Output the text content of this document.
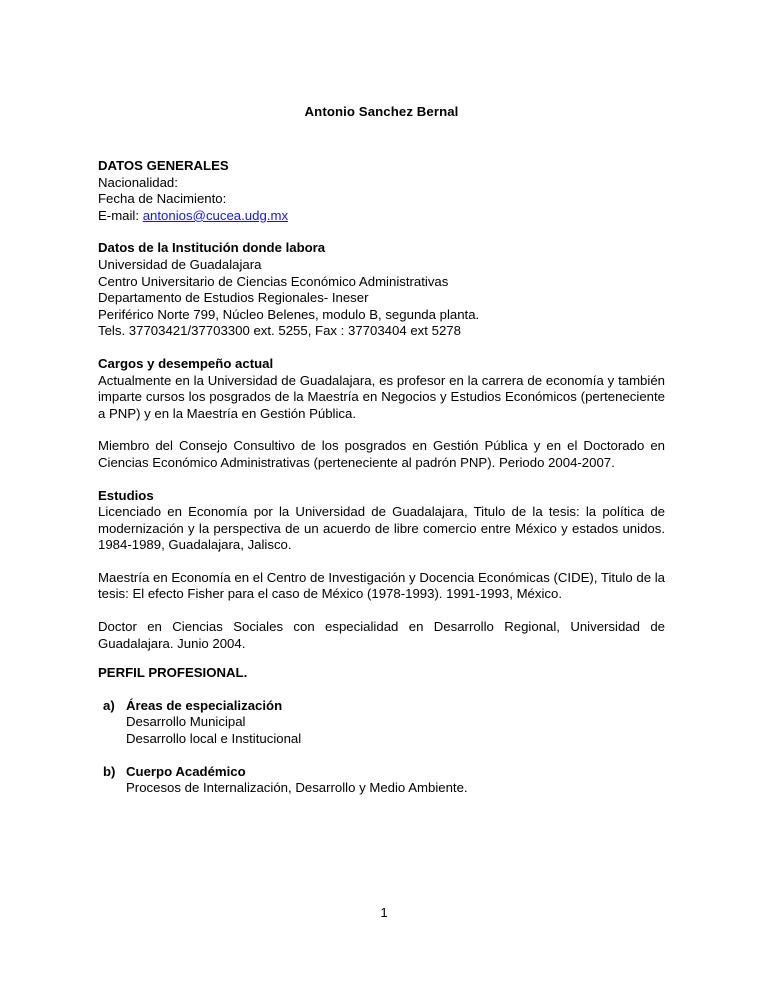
Antonio Sanchez Bernal
DATOS GENERALES
Nacionalidad:
Fecha de Nacimiento:
E-mail: antonios@cucea.udg.mx
Datos de la Institución donde labora
Universidad de Guadalajara
Centro Universitario de Ciencias Económico Administrativas
Departamento de Estudios Regionales- Ineser
Periférico Norte 799, Núcleo Belenes, modulo B, segunda planta.
Tels. 37703421/37703300 ext. 5255, Fax : 37703404 ext 5278
Cargos y desempeño actual
Actualmente en la Universidad de Guadalajara, es profesor en la carrera de economía y también imparte cursos los posgrados de la Maestría en Negocios y Estudios Económicos (perteneciente a PNP) y en la Maestría en Gestión Pública.
Miembro del Consejo Consultivo de los posgrados en Gestión Pública y en el Doctorado en Ciencias Económico Administrativas (perteneciente al padrón PNP). Periodo 2004-2007.
Estudios
Licenciado en Economía por la Universidad de Guadalajara, Titulo de la tesis: la política de modernización y la perspectiva de un acuerdo de libre comercio entre México y estados unidos. 1984-1989, Guadalajara, Jalisco.
Maestría en Economía en el Centro de Investigación y Docencia Económicas (CIDE), Titulo de la tesis: El efecto Fisher para el caso de México (1978-1993). 1991-1993, México.
Doctor en Ciencias Sociales con especialidad en Desarrollo Regional, Universidad de Guadalajara. Junio 2004.
PERFIL PROFESIONAL.
a) Áreas de especialización
Desarrollo Municipal
Desarrollo local e Institucional
b) Cuerpo Académico
Procesos de Internalización, Desarrollo y Medio Ambiente.
1
